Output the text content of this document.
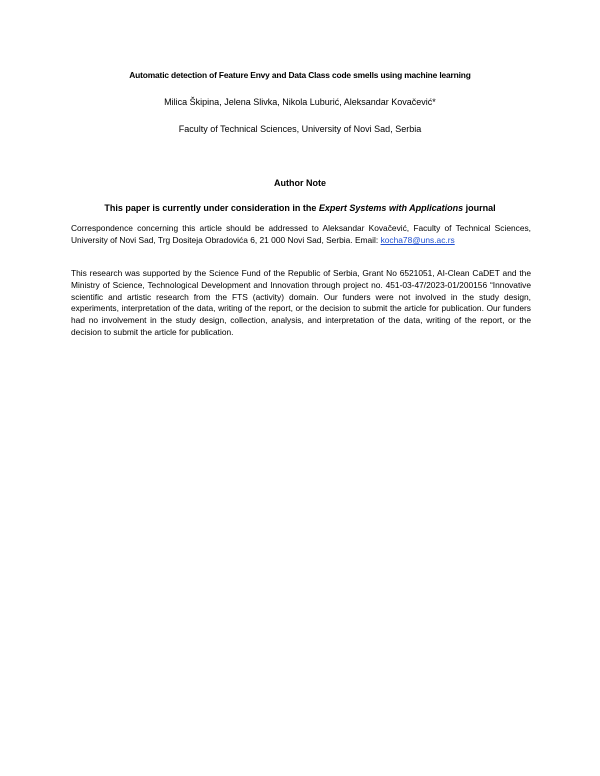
Automatic detection of Feature Envy and Data Class code smells using machine learning
Milica Škipina, Jelena Slivka, Nikola Luburić, Aleksandar Kovačević*
Faculty of Technical Sciences, University of Novi Sad, Serbia
Author Note
This paper is currently under consideration in the Expert Systems with Applications journal
Correspondence concerning this article should be addressed to Aleksandar Kovačević, Faculty of Technical Sciences, University of Novi Sad, Trg Dositeja Obradovića 6, 21 000 Novi Sad, Serbia. Email: kocha78@uns.ac.rs
This research was supported by the Science Fund of the Republic of Serbia, Grant No 6521051, AI-Clean CaDET and the Ministry of Science, Technological Development and Innovation through project no. 451-03-47/2023-01/200156 “Innovative scientific and artistic research from the FTS (activity) domain. Our funders were not involved in the study design, experiments, interpretation of the data, writing of the report, or the decision to submit the article for publication. Our funders had no involvement in the study design, collection, analysis, and interpretation of the data, writing of the report, or the decision to submit the article for publication.
